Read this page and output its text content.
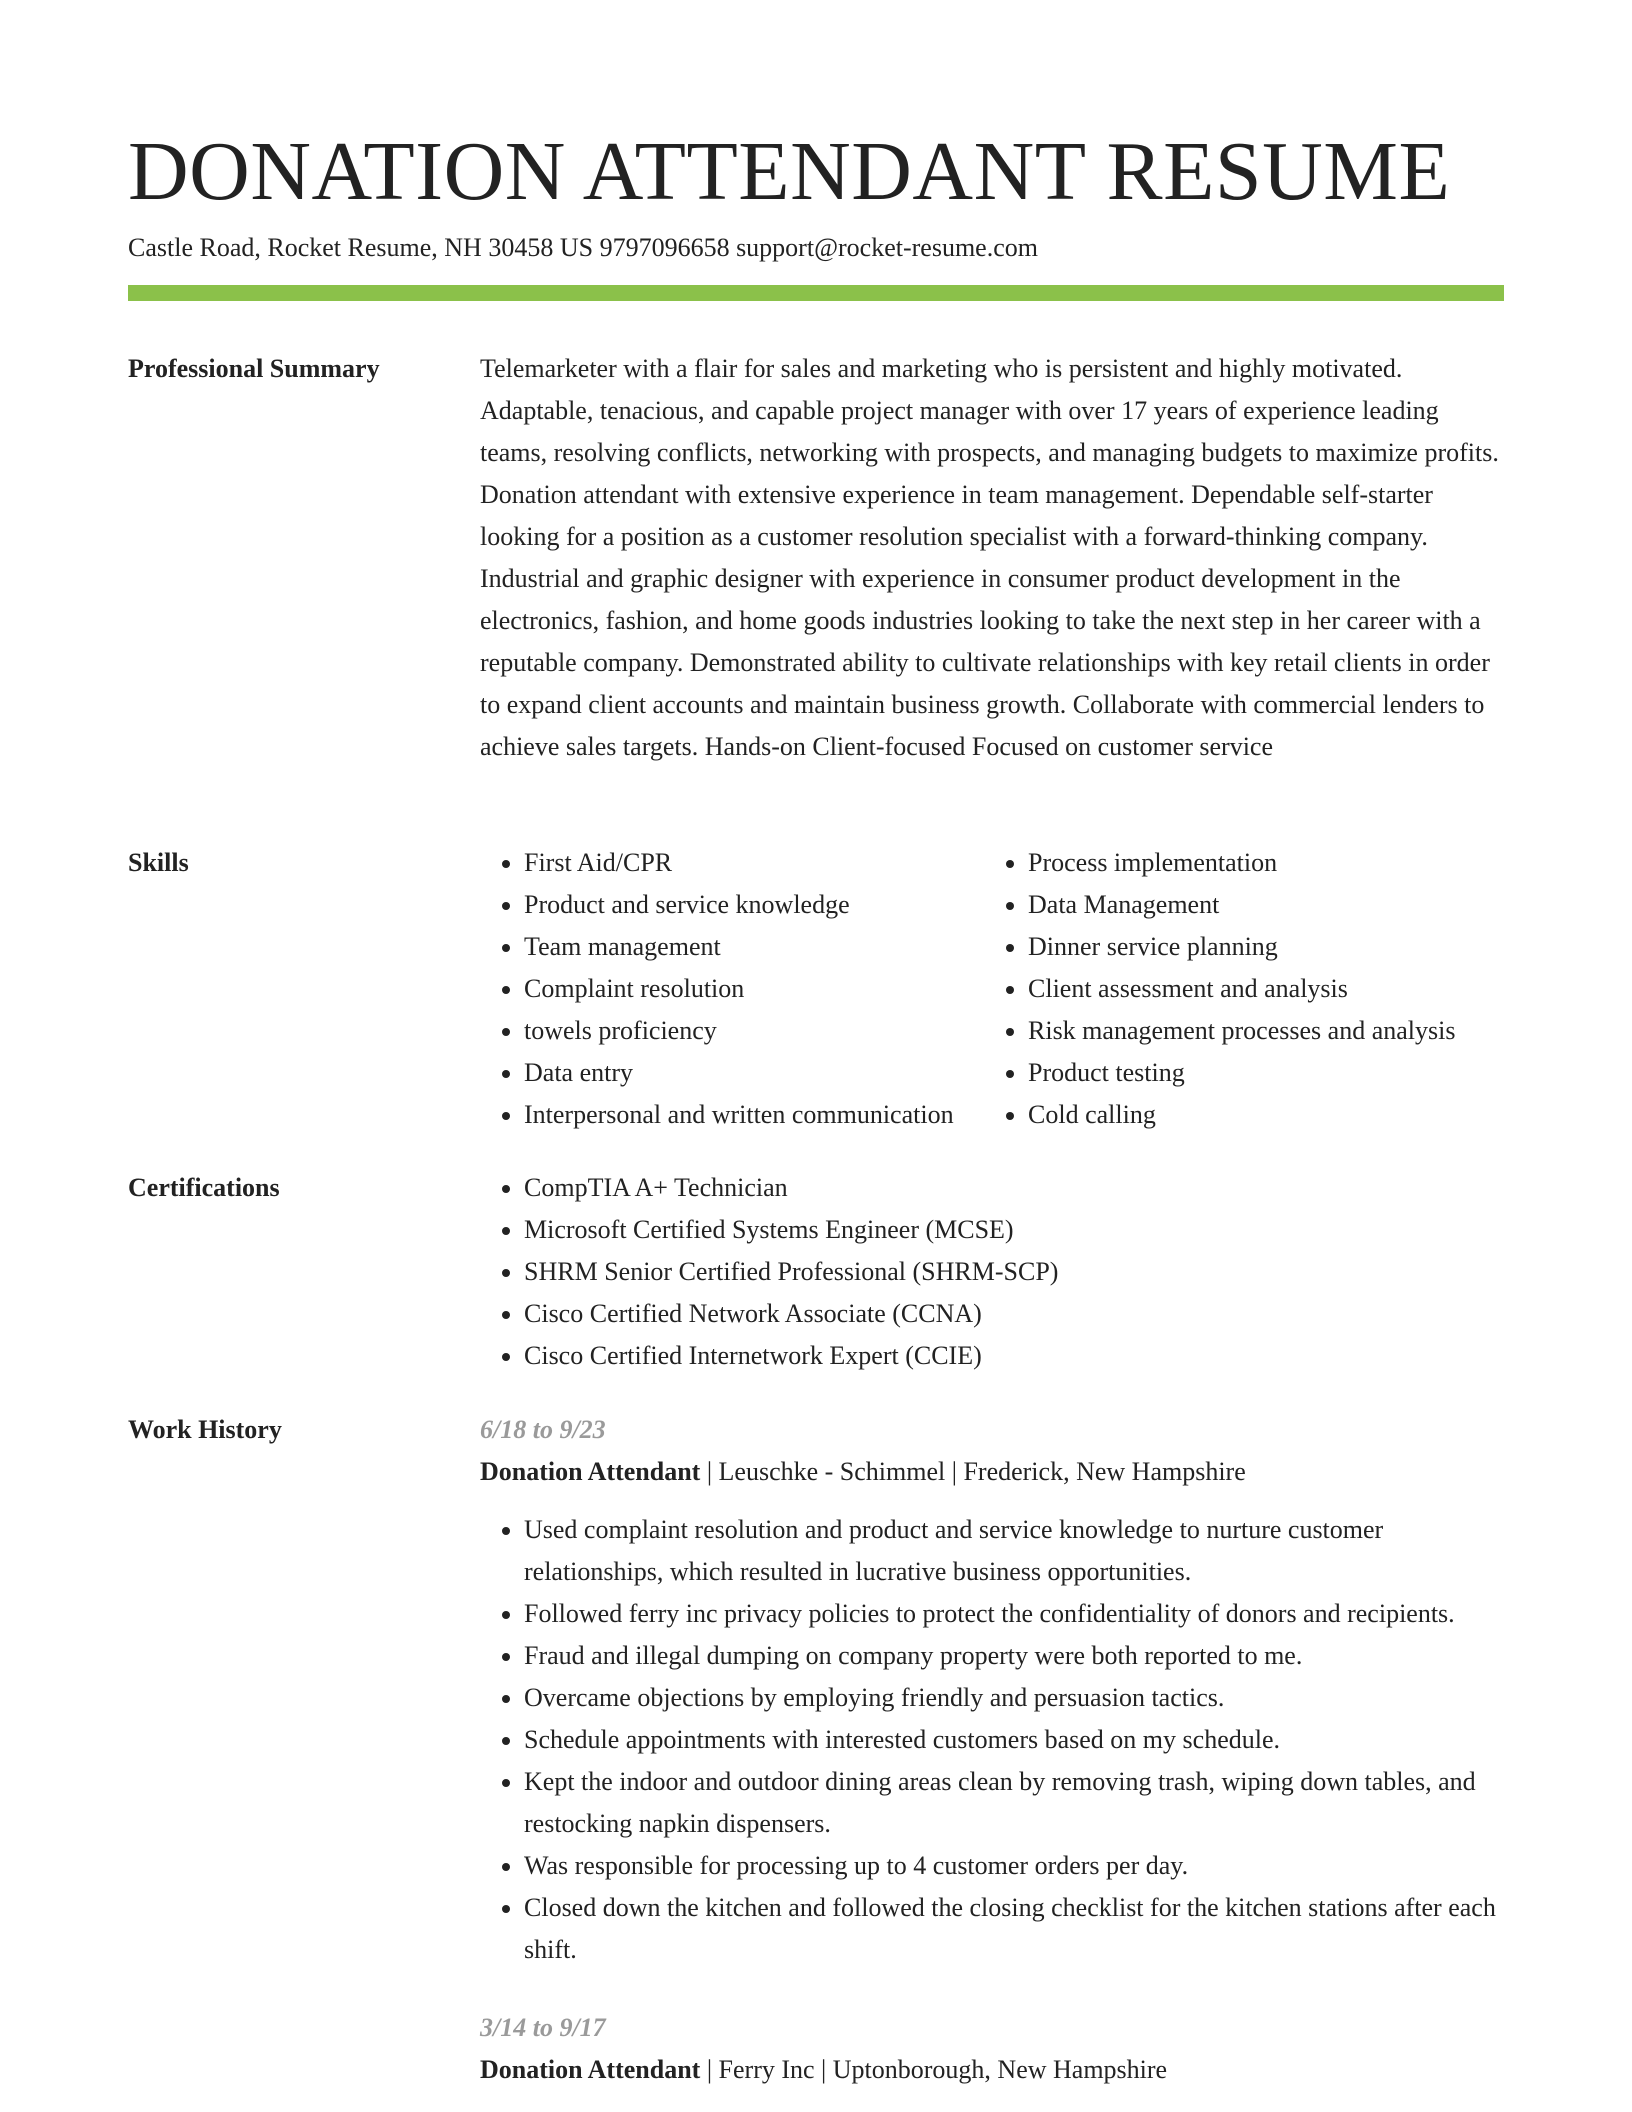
DONATION ATTENDANT RESUME
Castle Road, Rocket Resume, NH 30458 US 9797096658 support@rocket-resume.com
Professional Summary	Telemarketer with a flair for sales and marketing who is persistent and highly motivated. Adaptable, tenacious, and capable project manager with over 17 years of experience leading teams, resolving conflicts, networking with prospects, and managing budgets to maximize profits. Donation attendant with extensive experience in team management. Dependable self-starter looking for a position as a customer resolution specialist with a forward-thinking company. Industrial and graphic designer with experience in consumer product development in the electronics, fashion, and home goods industries looking to take the next step in her career with a reputable company. Demonstrated ability to cultivate relationships with key retail clients in order to expand client accounts and maintain business growth. Collaborate with commercial lenders to achieve sales targets. Hands-on Client-focused Focused on customer service

Skills	• First Aid/CPR
• Product and service knowledge
• Team management
• Complaint resolution
• towels proficiency
• Data entry
• Interpersonal and written communication
• Process implementation
• Data Management
• Dinner service planning
• Client assessment and analysis
• Risk management processes and analysis
• Product testing
• Cold calling
Certifications	• CompTIA A+ Technician
• Microsoft Certified Systems Engineer (MCSE)
• SHRM Senior Certified Professional (SHRM-SCP)
• Cisco Certified Network Associate (CCNA)
• Cisco Certified Internetwork Expert (CCIE)
Work History	6/18 to 9/23
Donation Attendant | Leuschke - Schimmel | Frederick, New Hampshire
• Used complaint resolution and product and service knowledge to nurture customer relationships, which resulted in lucrative business opportunities.
• Followed ferry inc privacy policies to protect the confidentiality of donors and recipients.
• Fraud and illegal dumping on company property were both reported to me.
• Overcame objections by employing friendly and persuasion tactics.
• Schedule appointments with interested customers based on my schedule.
• Kept the indoor and outdoor dining areas clean by removing trash, wiping down tables, and restocking napkin dispensers.
• Was responsible for processing up to 4 customer orders per day.
• Closed down the kitchen and followed the closing checklist for the kitchen stations after each shift.
3/14 to 9/17
Donation Attendant | Ferry Inc | Uptonborough, New Hampshire
